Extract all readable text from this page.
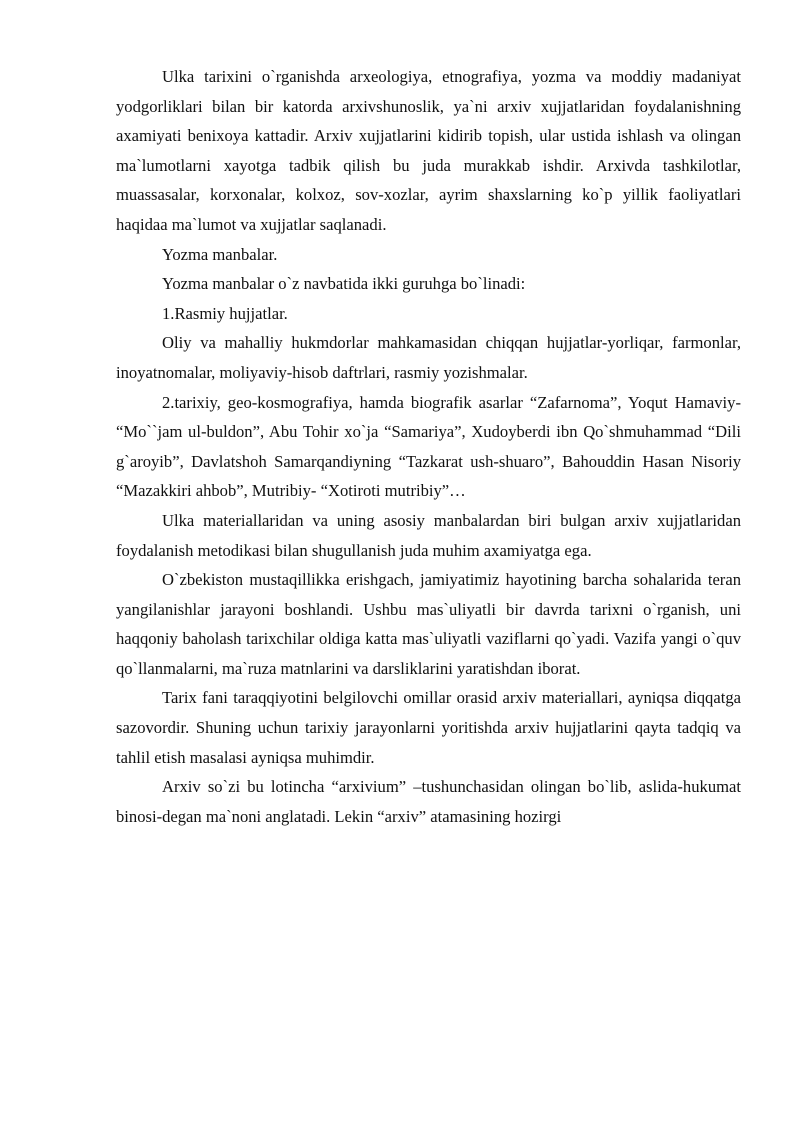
Ulka tarixini o`rganishda arxeologiya, etnografiya, yozma va moddiy madaniyat yodgorliklari bilan bir katorda arxivshunoslik, ya`ni arxiv xujjatlaridan foydalanishning axamiyati benixoya kattadir. Arxiv xujjatlarini kidirib topish, ular ustida ishlash va olingan ma`lumotlarni xayotga tadbik qilish bu juda murakkab ishdir. Arxivda tashkilotlar, muassasalar, korxonalar, kolxoz, sov-xozlar, ayrim shaxslarning ko`p yillik faoliyatlari haqidaa ma`lumot va xujjatlar saqlanadi.

Yozma manbalar.

Yozma manbalar o`z navbatida ikki guruhga bo`linadi:

1.Rasmiy hujjatlar.

Oliy va mahalliy hukmdorlar mahkamasidan chiqqan hujjatlar-yorliqar, farmonlar, inoyatnomalar, moliyaviy-hisob daftrlari, rasmiy yozishmalar.

2.tarixiy, geo-kosmografiya, hamda biografik asarlar “Zafarnoma”, Yoqut Hamaviy- “Mo``jam ul-buldon”, Abu Tohir xo`ja “Samariya”, Xudoyberdi ibn Qo`shmuhammad “Dili g`aroyib”, Davlatshoh Samarqandiyning “Tazkarat ush-shuaro”, Bahouddin Hasan Nisoriy “Mazakkiri ahbob”, Mutribiy- “Xotiroti mutribiy”…

Ulka materiallaridan va uning asosiy manbalardan biri bulgan arxiv xujjatlaridan foydalanish metodikasi bilan shugullanish juda muhim axamiyatga ega.

O`zbekiston mustaqillikka erishgach, jamiyatimiz hayotining barcha sohalarida teran yangilanishlar jarayoni boshlandi. Ushbu mas`uliyatli bir davrda tarixni o`rganish, uni haqqoniy baholash tarixchilar oldiga katta mas`uliyatli vaziflarni qo`yadi. Vazifa yangi o`quv qo`llanmalarni, ma`ruza matnlarini va darsliklarini yaratishdan iborat.

Tarix fani taraqqiyotini belgilovchi omillar orasid arxiv materiallari, ayniqsa diqqatga sazovordir. Shuning uchun tarixiy jarayonlarni yoritishda arxiv hujjatlarini qayta tadqiq va tahlil etish masalasi ayniqsa muhimdir.

Arxiv so`zi bu lotincha “arxivium” –tushunchasidan olingan bo`lib, aslida-hukumat binosi-degan ma`noni anglatadi. Lekin “arxiv” atamasining hozirgi
